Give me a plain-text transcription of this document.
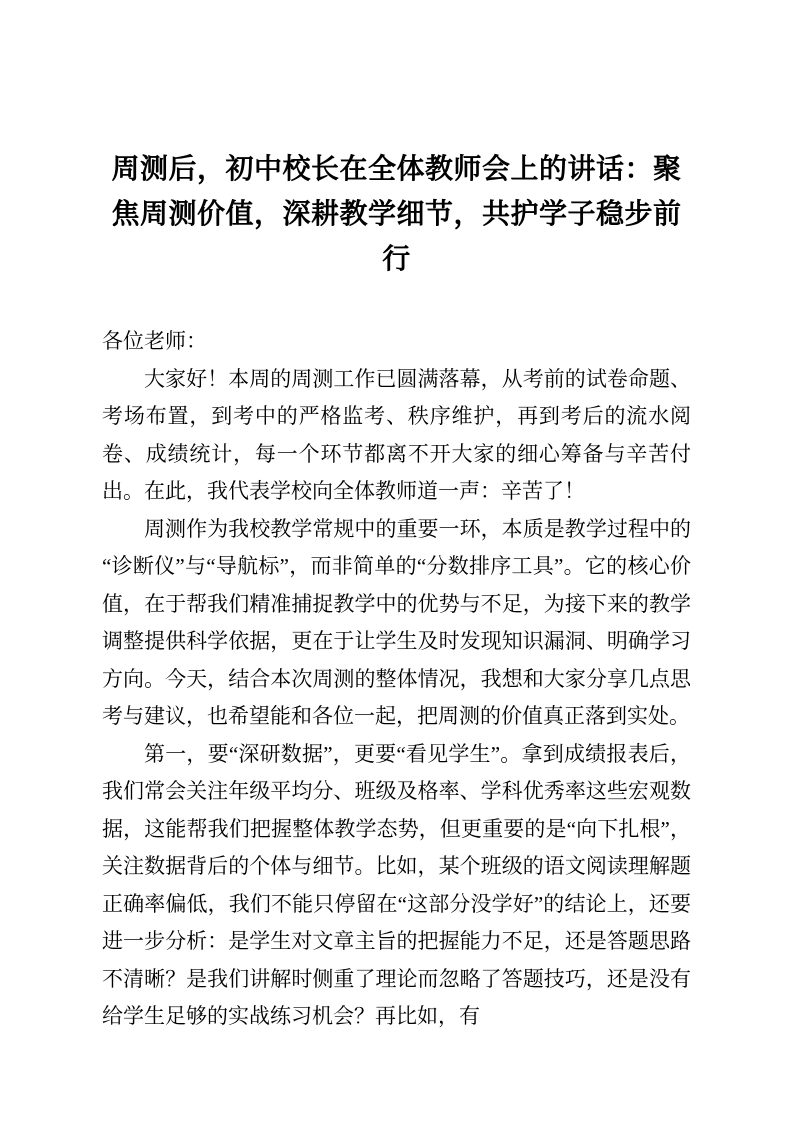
周测后，初中校长在全体教师会上的讲话：聚焦周测价值，深耕教学细节，共护学子稳步前行

各位老师：

大家好！本周的周测工作已圆满落幕，从考前的试卷命题、考场布置，到考中的严格监考、秩序维护，再到考后的流水阅卷、成绩统计，每一个环节都离不开大家的细心筹备与辛苦付出。在此，我代表学校向全体教师道一声：辛苦了！

周测作为我校教学常规中的重要一环，本质是教学过程中的“诊断仪”与“导航标”，而非简单的“分数排序工具”。它的核心价值，在于帮我们精准捕捉教学中的优势与不足，为接下来的教学调整提供科学依据，更在于让学生及时发现知识漏洞、明确学习方向。今天，结合本次周测的整体情况，我想和大家分享几点思考与建议，也希望能和各位一起，把周测的价值真正落到实处。

第一，要“深研数据”，更要“看见学生”。拿到成绩报表后，我们常会关注年级平均分、班级及格率、学科优秀率这些宏观数据，这能帮我们把握整体教学态势，但更重要的是“向下扎根”，关注数据背后的个体与细节。比如，某个班级的语文阅读理解题正确率偏低，我们不能只停留在“这部分没学好”的结论上，还要进一步分析：是学生对文章主旨的把握能力不足，还是答题思路不清晰？是我们讲解时侧重了理论而忽略了答题技巧，还是没有给学生足够的实战练习机会？再比如，有
